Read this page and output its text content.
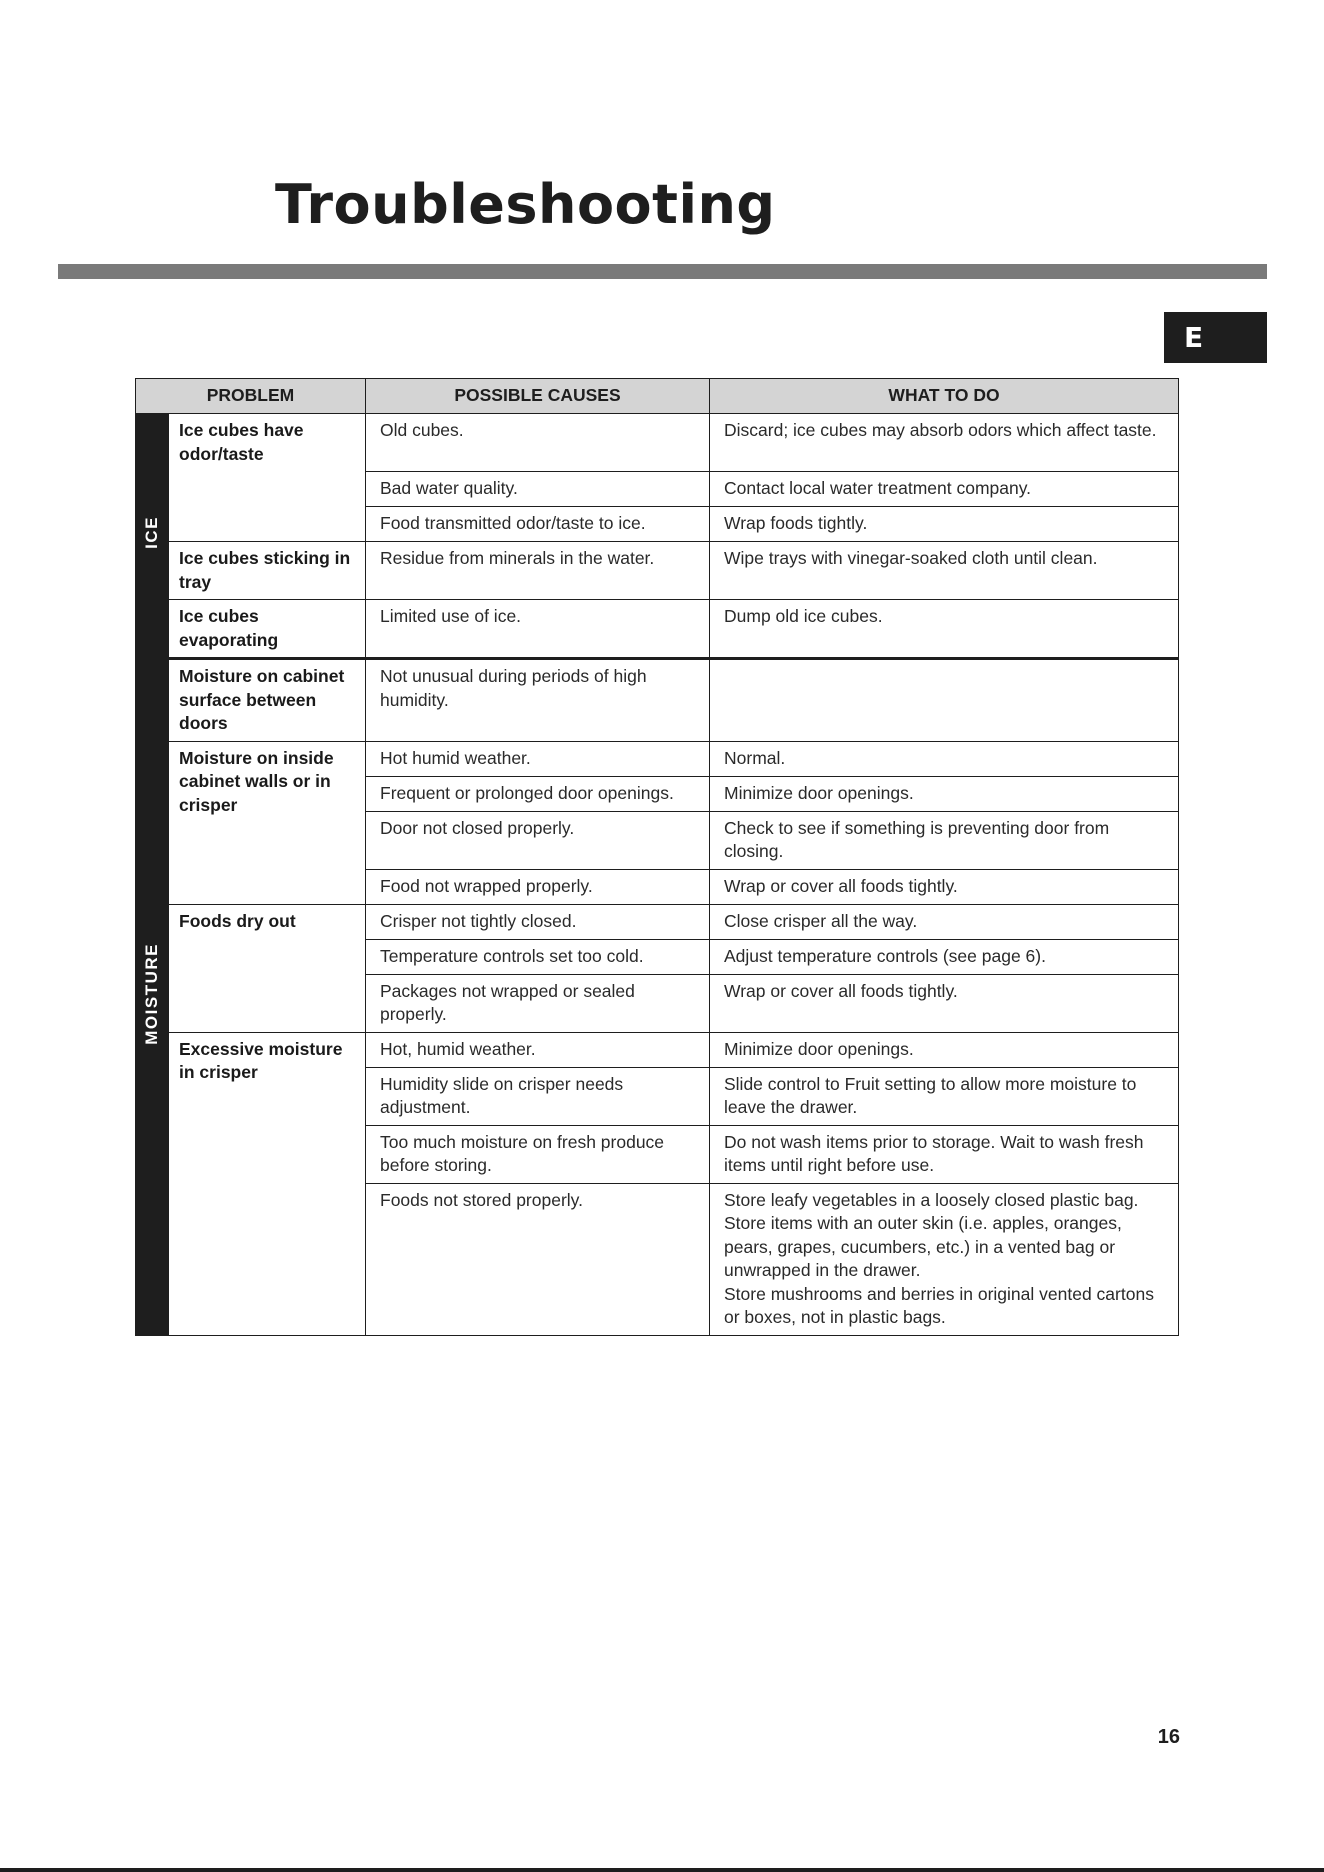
Troubleshooting
E
PROBLEM		POSSIBLE CAUSES	WHAT TO DO
ICE	Ice cubes have odor/taste	Old cubes.	Discard; ice cubes may absorb odors which affect taste.
		Bad water quality.	Contact local water treatment company.
		Food transmitted odor/taste to ice.	Wrap foods tightly.
	Ice cubes sticking in tray	Residue from minerals in the water.	Wipe trays with vinegar-soaked cloth until clean.
	Ice cubes evaporating	Limited use of ice.	Dump old ice cubes.
MOISTURE	Moisture on cabinet surface between doors	Not unusual during periods of high humidity.	
	Moisture on inside cabinet walls or in crisper	Hot humid weather.	Normal.
		Frequent or prolonged door openings.	Minimize door openings.
		Door not closed properly.	Check to see if something is preventing door from closing.
		Food not wrapped properly.	Wrap or cover all foods tightly.
	Foods dry out	Crisper not tightly closed.	Close crisper all the way.
		Temperature controls set too cold.	Adjust temperature controls (see page 6).
		Packages not wrapped or sealed properly.	Wrap or cover all foods tightly.
	Excessive moisture in crisper	Hot, humid weather.	Minimize door openings.
		Humidity slide on crisper needs adjustment.	Slide control to Fruit setting to allow more moisture to leave the drawer.
		Too much moisture on fresh produce before storing.	Do not wash items prior to storage. Wait to wash fresh items until right before use.
		Foods not stored properly.	Store leafy vegetables in a loosely closed plastic bag. Store items with an outer skin (i.e. apples, oranges, pears, grapes, cucumbers, etc.) in a vented bag or unwrapped in the drawer.
Store mushrooms and berries in original vented cartons or boxes, not in plastic bags.
16
